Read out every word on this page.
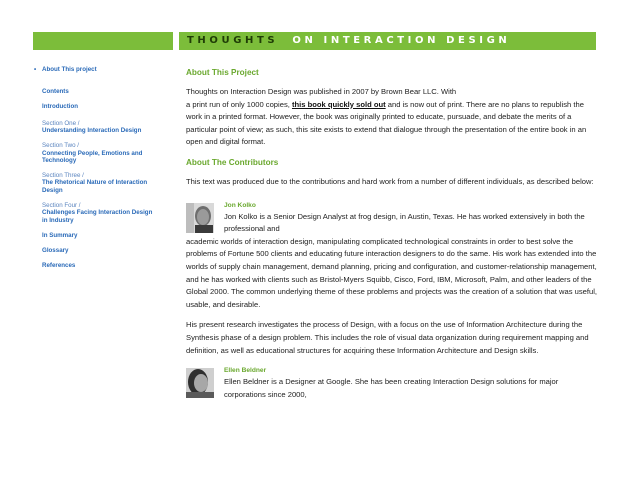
THOUGHTS ON INTERACTION DESIGN
• About This project
Contents
Introduction
Section One /
Understanding Interaction Design
Section Two /
Connecting People, Emotions and Technology
Section Three /
The Rhetorical Nature of Interaction Design
Section Four /
Challenges Facing Interaction Design in Industry
In Summary
Glossary
References
About This Project

Thoughts on Interaction Design was published in 2007 by Brown Bear LLC. With
a print run of only 1000 copies, this book quickly sold out and is now out of print. There are no plans to republish the work in a printed format. However, the book was originally printed to educate, pursuade, and debate the merits of a particular point of view; as such, this site exists to extend that dialogue through the presentation of the entire book in an open and digital format.

About The Contributors

This text was produced due to the contributions and hard work from a number of different individuals, as described below:

Jon Kolko

Jon Kolko is a Senior Design Analyst at frog design, in Austin, Texas. He has worked extensively in both the professional and

academic worlds of interaction design, manipulating complicated technological constraints in order to best solve the problems of Fortune 500 clients and educating future interaction designers to do the same. His work has extended into the worlds of supply chain management, demand planning, pricing and configuration, and customer-relationship management, and he has worked with clients such as Bristol-Myers Squibb, Cisco, Ford, IBM, Microsoft, Palm, and other leaders of the Global 2000. The common underlying theme of these problems and projects was the creation of a solution that was useful, usable, and desirable.

His present research investigates the process of Design, with a focus on the use of Information Architecture during the Synthesis phase of a design problem. This includes the role of visual data organization during requirement mapping and definition, as well as educational structures for acquiring these Information Architecture and Design skills.

Ellen Beldner

Ellen Beldner is a Designer at Google. She has been creating Interaction Design solutions for major corporations since 2000,
